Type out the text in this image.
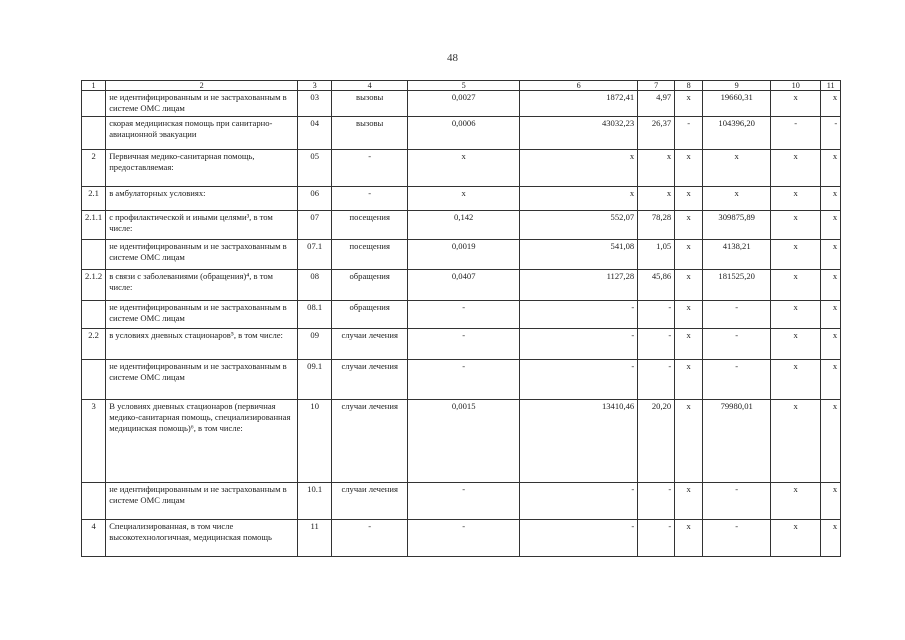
48
1	2	3	4	5	6	7	8	9	10	11
	не идентифицированным и не застрахованным в системе ОМС лицам	03	вызовы	0,0027	1872,41	4,97	x	19660,31	x	x
	скорая медицинская помощь при санитарно-авиационной эвакуации	04	вызовы	0,0006	43032,23	26,37	-	104396,20	-	-
2	Первичная медико-санитарная помощь, предоставляемая:	05	-	x	x	x	x	x	x	x
2.1	в амбулаторных условиях:	06	-	x	x	x	x	x	x	x
2.1.1	с профилактической и иными целями³, в том числе:	07	посещения	0,142	552,07	78,28	x	309875,89	x	x
	не идентифицированным и не застрахованным в системе ОМС лицам	07.1	посещения	0,0019	541,08	1,05	x	4138,21	x	x
2.1.2	в связи с заболеваниями (обращения)⁴, в том числе:	08	обращения	0,0407	1127,28	45,86	x	181525,20	x	x
	не идентифицированным и не застрахованным в системе ОМС лицам	08.1	обращения	-	-	-	x	-	x	x
2.2	в условиях дневных стационаров⁵, в том числе:	09	случаи лечения	-	-	-	x	-	x	x
	не идентифицированным и не застрахованным в системе ОМС лицам	09.1	случаи лечения	-	-	-	x	-	x	x
3	В условиях дневных стационаров (первичная медико-санитарная помощь, специализированная медицинская помощь)⁶, в том числе:	10	случаи лечения	0,0015	13410,46	20,20	x	79980,01	x	x
	не идентифицированным и не застрахованным в системе ОМС лицам	10.1	случаи лечения	-	-	-	x	-	x	x
4	Специализированная, в том числе высокотехнологичная, медицинская помощь	11	-	-	-	-	x	-	x	x
